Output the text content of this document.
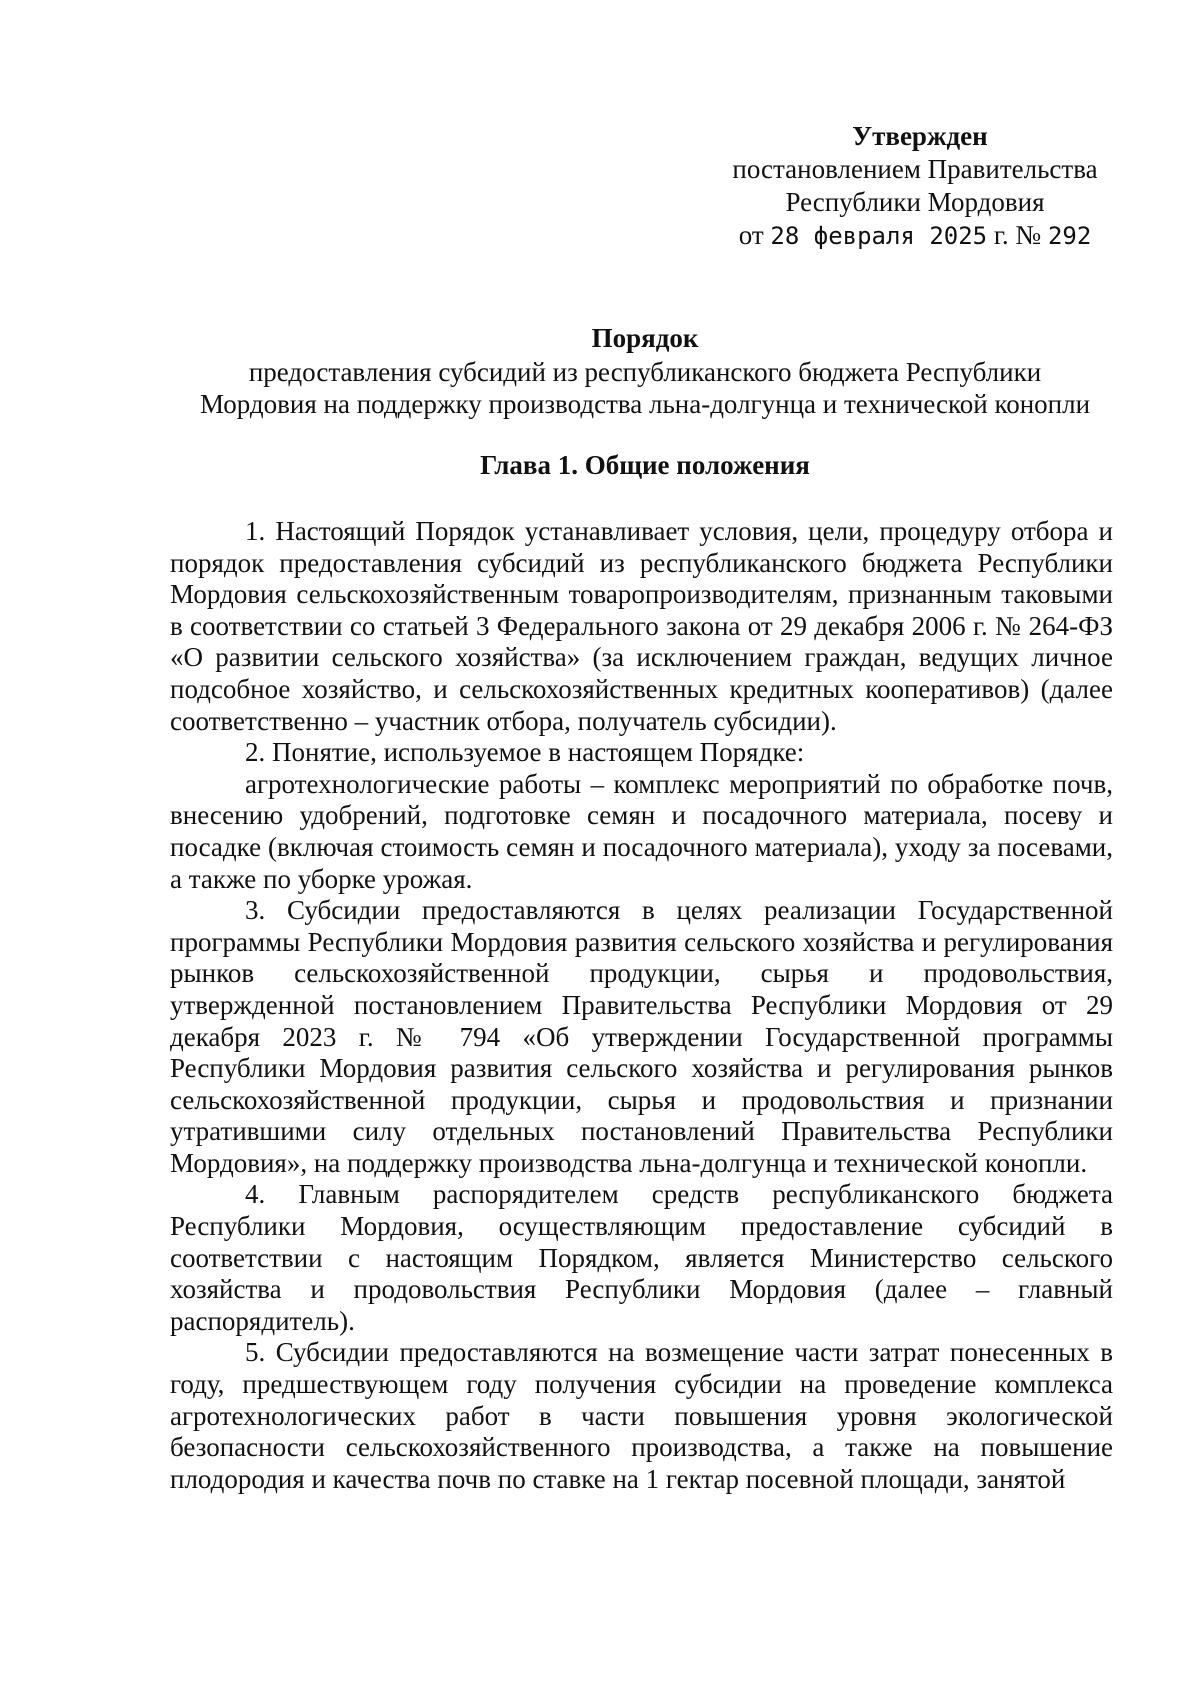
Утвержден
постановлением Правительства
Республики Мордовия
от 28 февраля 2025 г. № 292
Порядок
предоставления субсидий из республиканского бюджета Республики
Мордовия на поддержку производства льна-долгунца и технической конопли
Глава 1. Общие положения

1. Настоящий Порядок устанавливает условия, цели, процедуру отбора и порядок предоставления субсидий из республиканского бюджета Республики Мордовия сельскохозяйственным товаропроизводителям, признанным таковыми в соответствии со статьей 3 Федерального закона от 29 декабря 2006 г. № 264-ФЗ «О развитии сельского хозяйства» (за исключением граждан, ведущих личное подсобное хозяйство, и сельскохозяйственных кредитных кооперативов) (далее соответственно – участник отбора, получатель субсидии).

2. Понятие, используемое в настоящем Порядке:

агротехнологические работы – комплекс мероприятий по обработке почв, внесению удобрений, подготовке семян и посадочного материала, посеву и посадке (включая стоимость семян и посадочного материала), уходу за посевами, а также по уборке урожая.

3. Субсидии предоставляются в целях реализации Государственной программы Республики Мордовия развития сельского хозяйства и регулирования рынков сельскохозяйственной продукции, сырья и продовольствия, утвержденной постановлением Правительства Республики Мордовия от 29 декабря 2023 г. № 794 «Об утверждении Государственной программы Республики Мордовия развития сельского хозяйства и регулирования рынков сельскохозяйственной продукции, сырья и продовольствия и признании утратившими силу отдельных постановлений Правительства Республики Мордовия», на поддержку производства льна-долгунца и технической конопли.

4. Главным распорядителем средств республиканского бюджета Республики Мордовия, осуществляющим предоставление субсидий в соответствии с настоящим Порядком, является Министерство сельского хозяйства и продовольствия Республики Мордовия (далее – главный распорядитель).

5. Субсидии предоставляются на возмещение части затрат понесенных в году, предшествующем году получения субсидии на проведение комплекса агротехнологических работ в части повышения уровня экологической безопасности сельскохозяйственного производства, а также на повышение плодородия и качества почв по ставке на 1 гектар посевной площади, занятой
